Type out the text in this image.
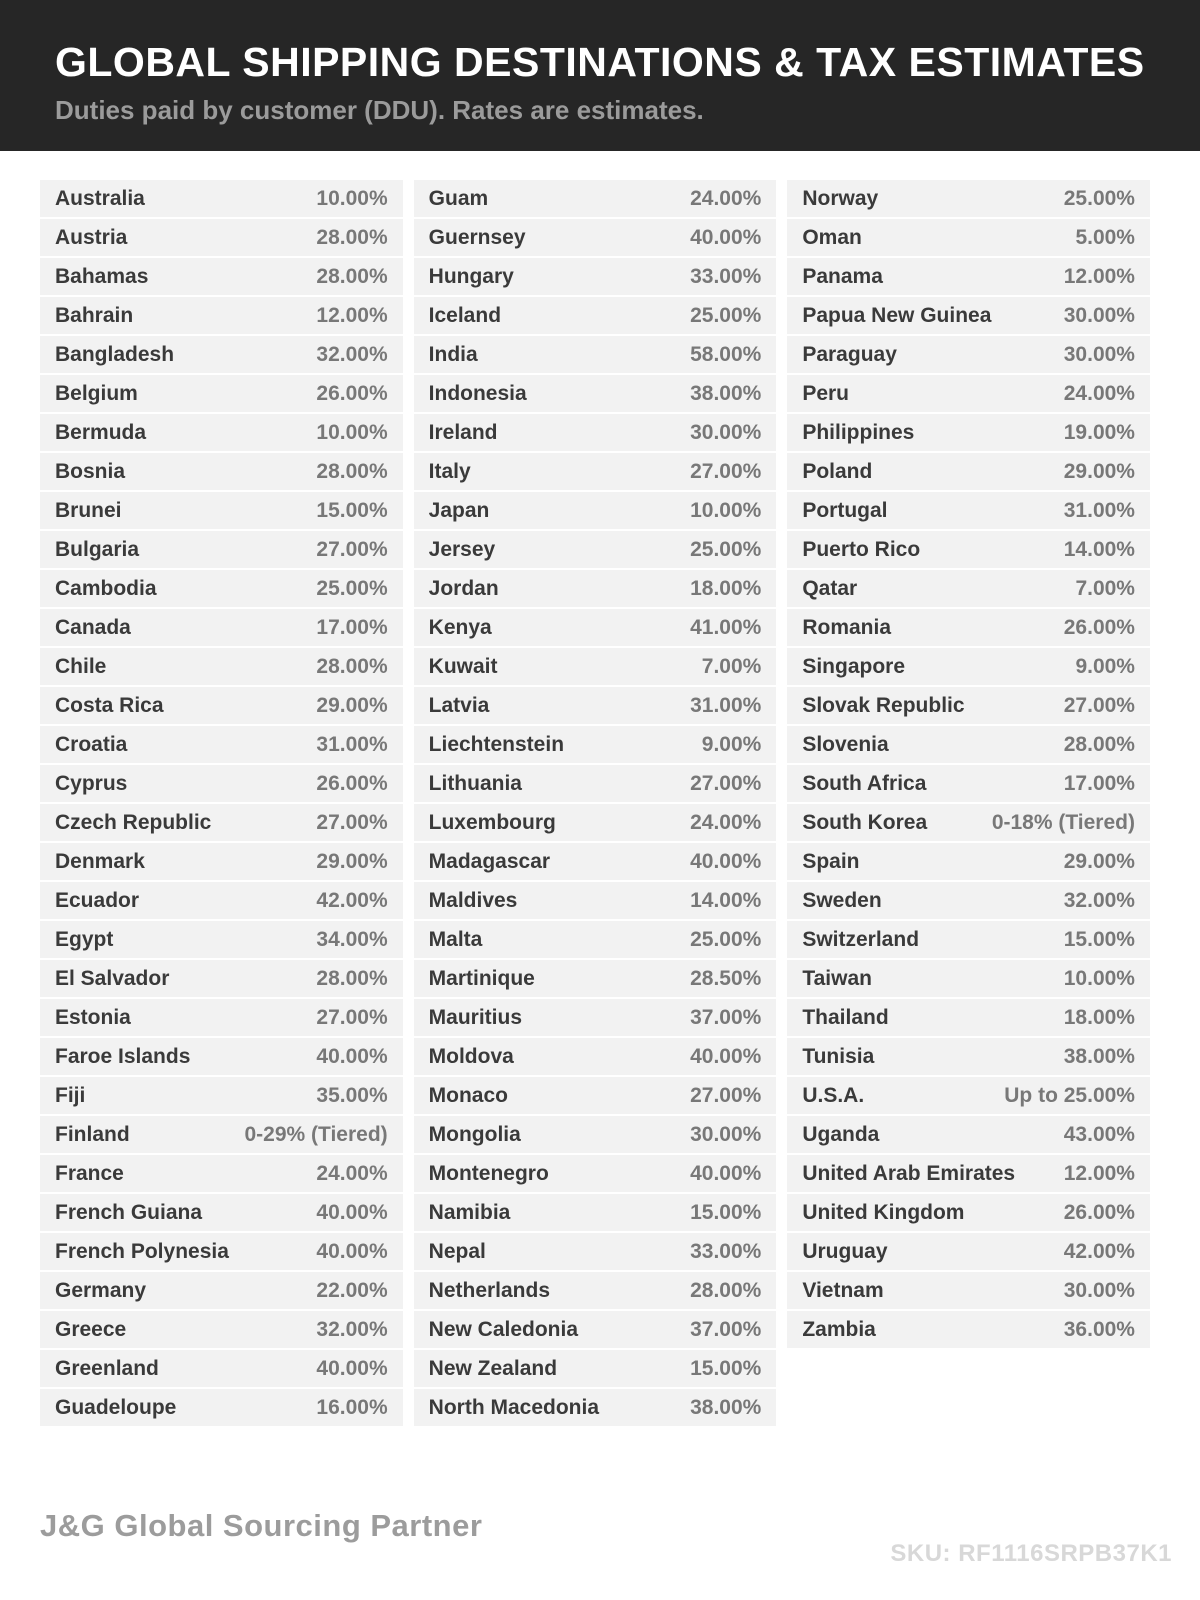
GLOBAL SHIPPING DESTINATIONS & TAX ESTIMATES
Duties paid by customer (DDU). Rates are estimates.
Australia	10.00%
Austria	28.00%
Bahamas	28.00%
Bahrain	12.00%
Bangladesh	32.00%
Belgium	26.00%
Bermuda	10.00%
Bosnia	28.00%
Brunei	15.00%
Bulgaria	27.00%
Cambodia	25.00%
Canada	17.00%
Chile	28.00%
Costa Rica	29.00%
Croatia	31.00%
Cyprus	26.00%
Czech Republic	27.00%
Denmark	29.00%
Ecuador	42.00%
Egypt	34.00%
El Salvador	28.00%
Estonia	27.00%
Faroe Islands	40.00%
Fiji	35.00%
Finland	0-29% (Tiered)
France	24.00%
French Guiana	40.00%
French Polynesia	40.00%
Germany	22.00%
Greece	32.00%
Greenland	40.00%
Guadeloupe	16.00%
Guam	24.00%
Guernsey	40.00%
Hungary	33.00%
Iceland	25.00%
India	58.00%
Indonesia	38.00%
Ireland	30.00%
Italy	27.00%
Japan	10.00%
Jersey	25.00%
Jordan	18.00%
Kenya	41.00%
Kuwait	7.00%
Latvia	31.00%
Liechtenstein	9.00%
Lithuania	27.00%
Luxembourg	24.00%
Madagascar	40.00%
Maldives	14.00%
Malta	25.00%
Martinique	28.50%
Mauritius	37.00%
Moldova	40.00%
Monaco	27.00%
Mongolia	30.00%
Montenegro	40.00%
Namibia	15.00%
Nepal	33.00%
Netherlands	28.00%
New Caledonia	37.00%
New Zealand	15.00%
North Macedonia	38.00%
Norway	25.00%
Oman	5.00%
Panama	12.00%
Papua New Guinea	30.00%
Paraguay	30.00%
Peru	24.00%
Philippines	19.00%
Poland	29.00%
Portugal	31.00%
Puerto Rico	14.00%
Qatar	7.00%
Romania	26.00%
Singapore	9.00%
Slovak Republic	27.00%
Slovenia	28.00%
South Africa	17.00%
South Korea	0-18% (Tiered)
Spain	29.00%
Sweden	32.00%
Switzerland	15.00%
Taiwan	10.00%
Thailand	18.00%
Tunisia	38.00%
U.S.A.	Up to 25.00%
Uganda	43.00%
United Arab Emirates 12.00%
United Kingdom	26.00%
Uruguay	42.00%
Vietnam	30.00%
Zambia	36.00%
J&G Global Sourcing Partner
SKU: RF1116SRPB37K1
